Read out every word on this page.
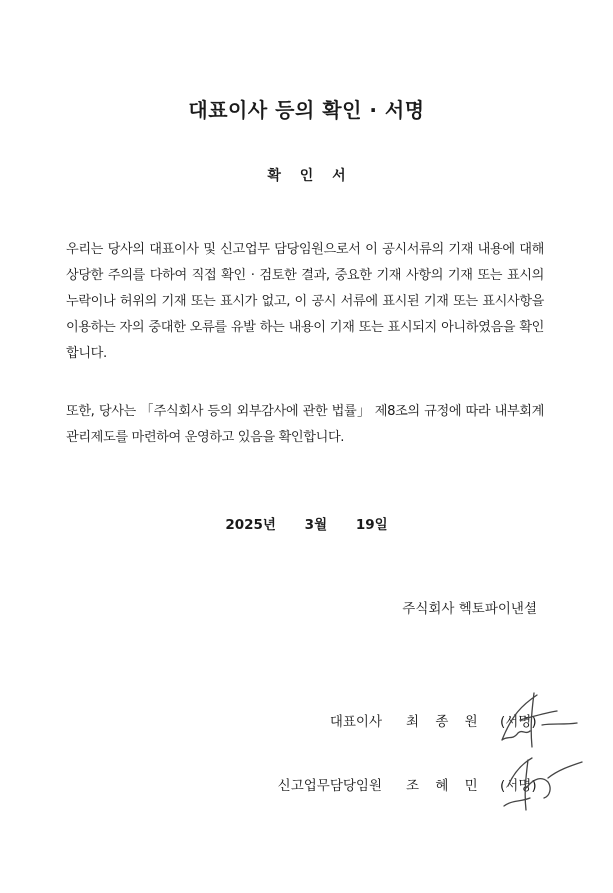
대표이사 등의 확인 · 서명
확 인 서
우리는 당사의 대표이사 및 신고업무 담당임원으로서 이 공시서류의 기재 내용에 대해 상당한 주의를 다하여 직접 확인 · 검토한 결과, 중요한 기재 사항의 기재 또는 표시의 누락이나 허위의 기재 또는 표시가 없고, 이 공시 서류에 표시된 기재 또는 표시사항을 이용하는 자의 중대한 오류를 유발 하는 내용이 기재 또는 표시되지 아니하였음을 확인합니다.
또한, 당사는 「주식회사 등의 외부감사에 관한 법률」 제8조의 규정에 따라 내부회계관리제도를 마련하여 운영하고 있음을 확인합니다.
2025년 3월 19일
주식회사 헥토파이낸셜
대표이사 최 종 원 (서명)
신고업무담당임원 조 혜 민 (서명)
